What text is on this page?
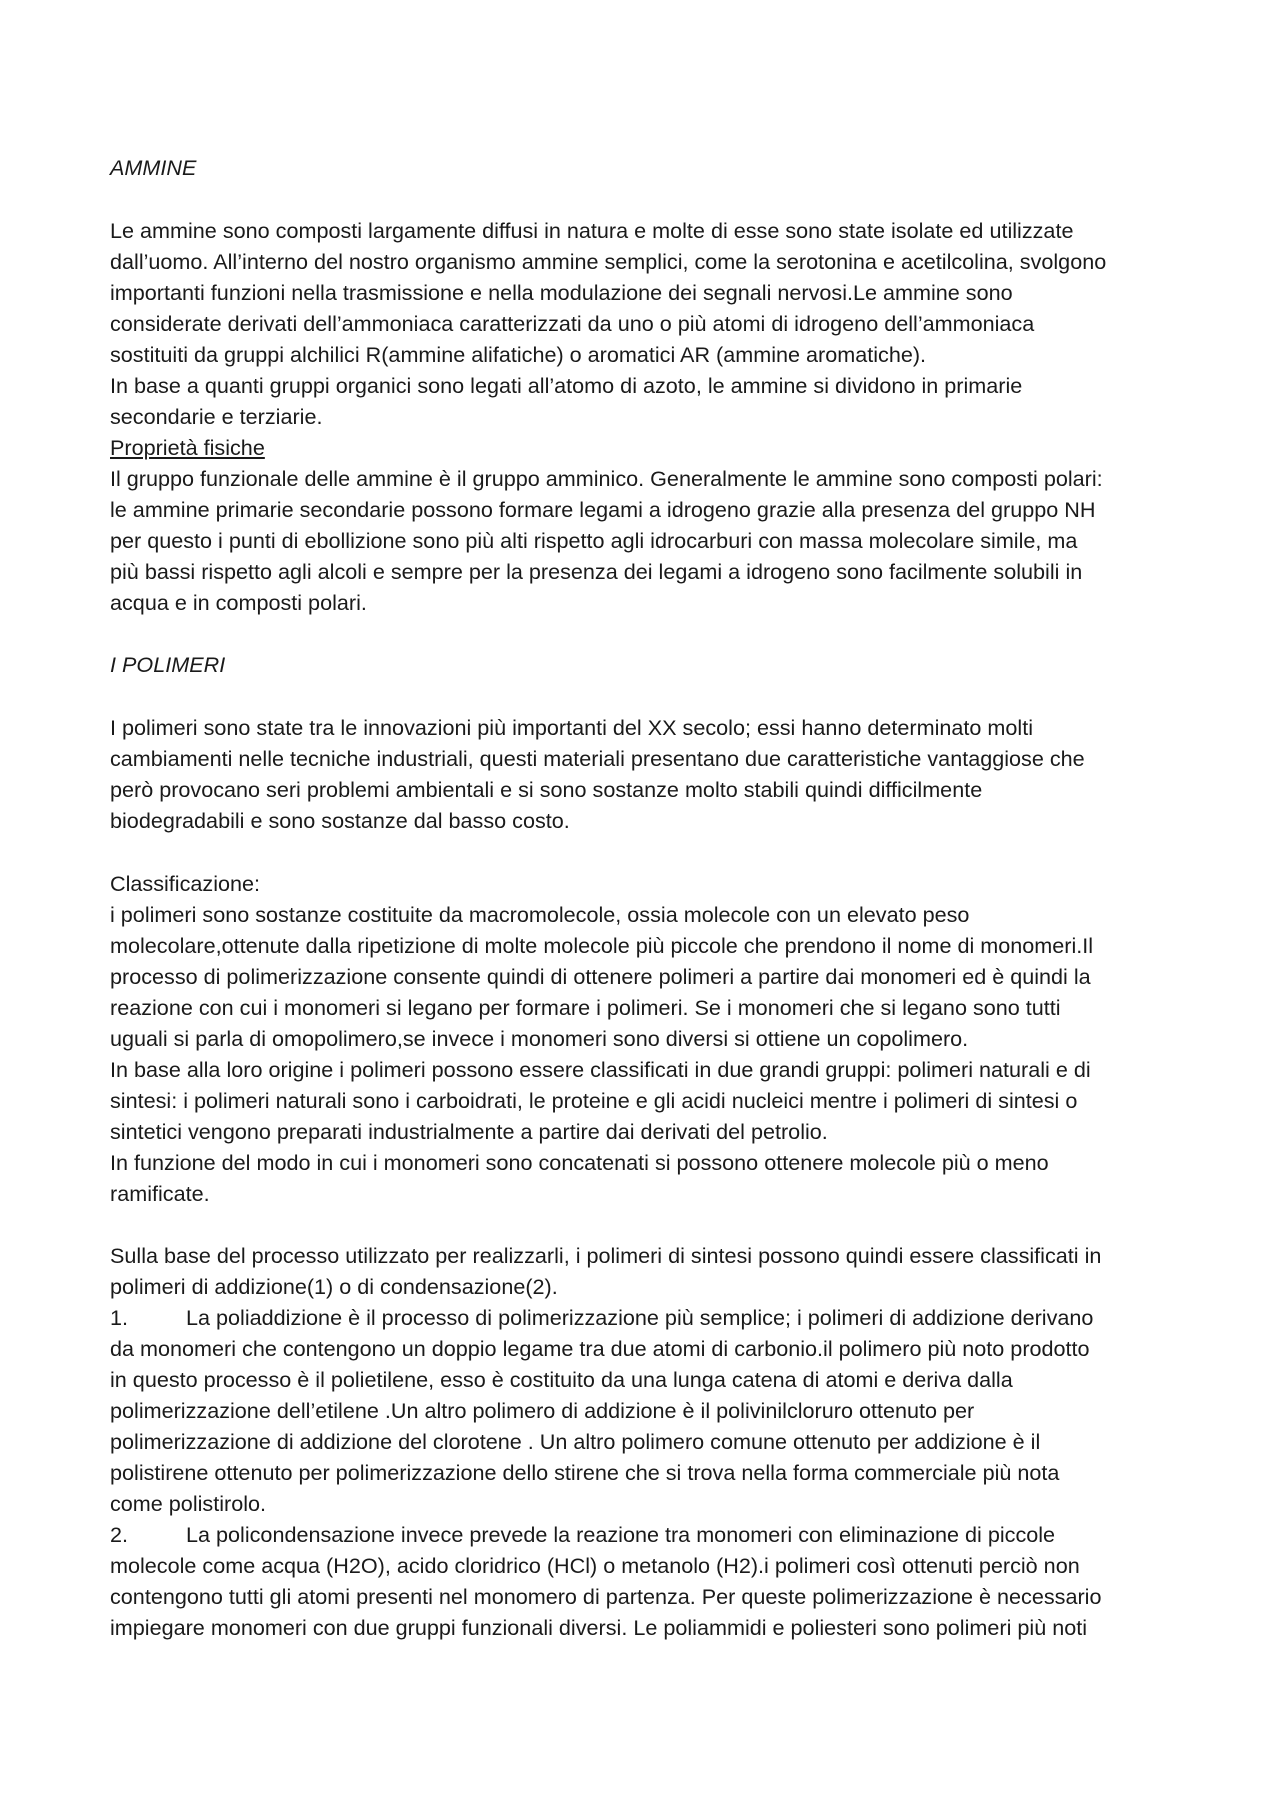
AMMINE
Le ammine sono composti largamente diffusi in natura e molte di esse sono state isolate ed utilizzate
dall’uomo. All’interno del nostro organismo ammine semplici, come la serotonina e acetilcolina, svolgono
importanti funzioni nella trasmissione e nella modulazione dei segnali nervosi.Le ammine sono
considerate derivati dell’ammoniaca caratterizzati da uno o più atomi di idrogeno dell’ammoniaca
sostituiti da gruppi alchilici R(ammine alifatiche) o aromatici AR (ammine aromatiche).
In base a quanti gruppi organici sono legati all’atomo di azoto, le ammine si dividono in primarie
secondarie e terziarie.
Proprietà fisiche
Il gruppo funzionale delle ammine è il gruppo amminico. Generalmente le ammine sono composti polari:
le ammine primarie secondarie possono formare legami a idrogeno grazie alla presenza del gruppo NH
per questo i punti di ebollizione sono più alti rispetto agli idrocarburi con massa molecolare simile, ma
più bassi rispetto agli alcoli e sempre per la presenza dei legami a idrogeno sono facilmente solubili in
acqua e in composti polari.
I POLIMERI
I polimeri sono state tra le innovazioni più importanti del XX secolo; essi hanno determinato molti
cambiamenti nelle tecniche industriali, questi materiali presentano due caratteristiche vantaggiose che
però provocano seri problemi ambientali e si sono sostanze molto stabili quindi difficilmente
biodegradabili e sono sostanze dal basso costo.
Classificazione:
i polimeri sono sostanze costituite da macromolecole, ossia molecole con un elevato peso
molecolare,ottenute dalla ripetizione di molte molecole più piccole che prendono il nome di monomeri.Il
processo di polimerizzazione consente quindi di ottenere polimeri a partire dai monomeri ed è quindi la
reazione con cui i monomeri si legano per formare i polimeri. Se i monomeri che si legano sono tutti
uguali si parla di omopolimero,se invece i monomeri sono diversi si ottiene un copolimero.
In base alla loro origine i polimeri possono essere classificati in due grandi gruppi: polimeri naturali e di
sintesi: i polimeri naturali sono i carboidrati, le proteine e gli acidi nucleici mentre i polimeri di sintesi o
sintetici vengono preparati industrialmente a partire dai derivati del petrolio.
In funzione del modo in cui i monomeri sono concatenati si possono ottenere molecole più o meno
ramificate.
Sulla base del processo utilizzato per realizzarli, i polimeri di sintesi possono quindi essere classificati in
polimeri di addizione(1) o di condensazione(2).
1.	La poliaddizione è il processo di polimerizzazione più semplice; i polimeri di addizione derivano
da monomeri che contengono un doppio legame tra due atomi di carbonio.il polimero più noto prodotto
in questo processo è il polietilene, esso è costituito da una lunga catena di atomi e deriva dalla
polimerizzazione dell’etilene .Un altro polimero di addizione è il polivinilcloruro ottenuto per
polimerizzazione di addizione del clorotene . Un altro polimero comune ottenuto per addizione è il
polistirene ottenuto per polimerizzazione dello stirene che si trova nella forma commerciale più nota
come polistirolo.
2.	La policondensazione invece prevede la reazione tra monomeri con eliminazione di piccole
molecole come acqua (H2O), acido cloridrico (HCl) o metanolo (H2).i polimeri così ottenuti perciò non
contengono tutti gli atomi presenti nel monomero di partenza. Per queste polimerizzazione è necessario
impiegare monomeri con due gruppi funzionali diversi. Le poliammidi e poliesteri sono polimeri più noti
